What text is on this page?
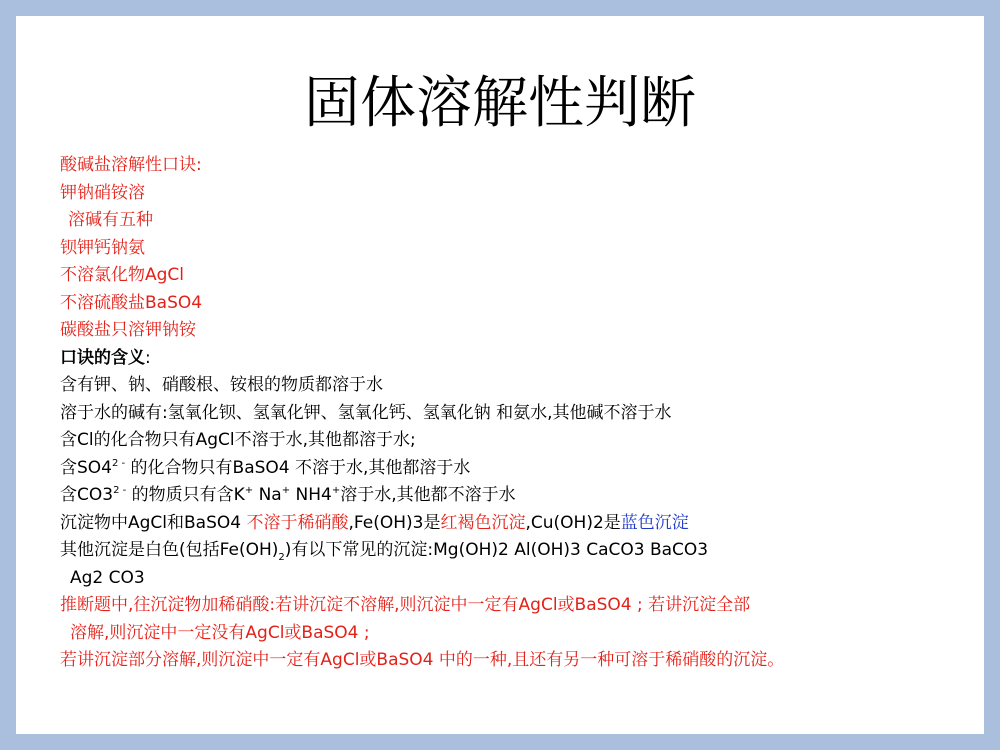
固体溶解性判断
酸碱盐溶解性口诀:
钾钠硝铵溶
溶碱有五种
钡钾钙钠氨
不溶氯化物AgCl
不溶硫酸盐BaSO4
碳酸盐只溶钾钠铵
口诀的含义:
含有钾、钠、硝酸根、铵根的物质都溶于水
溶于水的碱有:氢氧化钡、氢氧化钾、氢氧化钙、氢氧化钠 和氨水,其他碱不溶于水
含Cl的化合物只有AgCl不溶于水,其他都溶于水;
含$SO4^{2 -}$ 的化合物只有BaSO4 不溶于水,其他都溶于水
含$CO3^{2 -}$ 的物质只有含K+ Na+ NH4+溶于水,其他都不溶于水
沉淀物中AgCl和BaSO4 不溶于稀硝酸,Fe(OH)3是红褐色沉淀,Cu(OH)2是蓝色沉淀
其他沉淀是白色(包括$Fe(OH)_2$)有以下常见的沉淀:Mg(OH)2 Al(OH)3 CaCO3 BaCO3
Ag2 CO3
推断题中,往沉淀物加稀硝酸:若讲沉淀不溶解,则沉淀中一定有AgCl或BaSO4 ; 若讲沉淀全部
溶解,则沉淀中一定没有AgCl或BaSO4 ;
若讲沉淀部分溶解,则沉淀中一定有AgCl或BaSO4 中的一种,且还有另一种可溶于稀硝酸的沉淀。
